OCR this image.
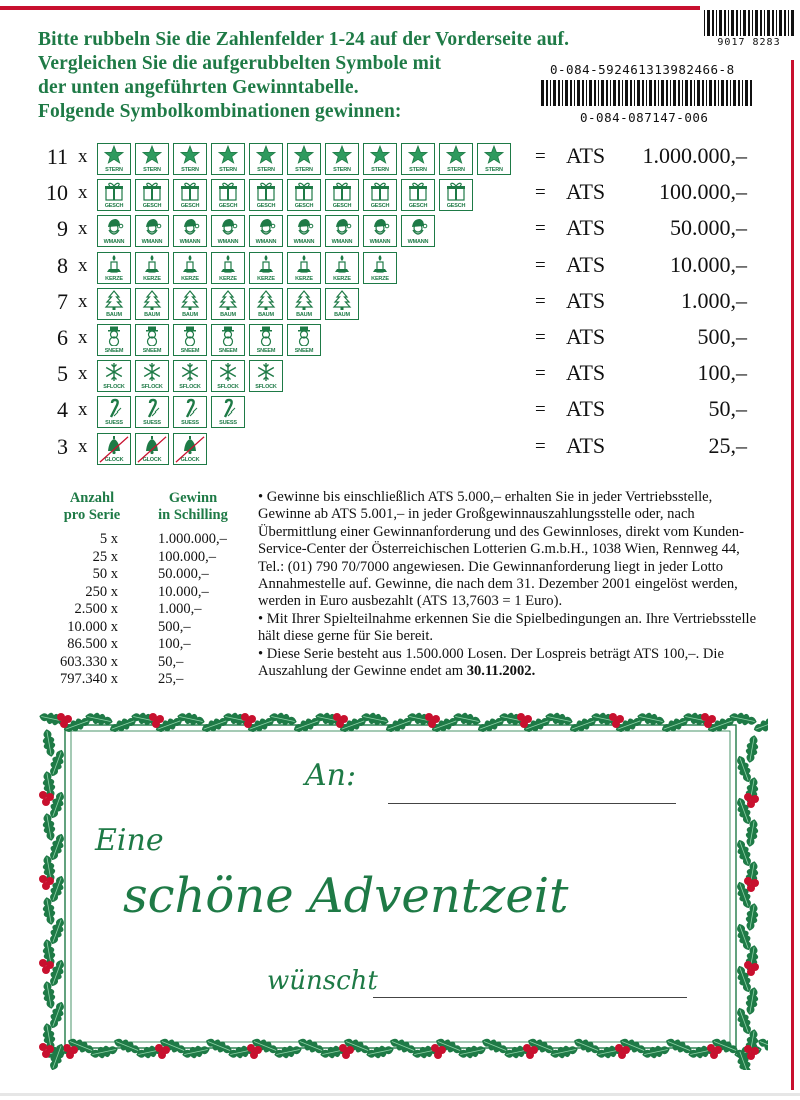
Bitte rubbeln Sie die Zahlenfelder 1-24 auf der Vorderseite auf.
Vergleichen Sie die aufgerubbelten Symbole mit
der unten angeführten Gewinntabelle.
Folgende Symbolkombinationen gewinnen:
9017 8283
0-084-592461313982466-8
0-084-087147-006
11 x
STERN	STERN	STERN	STERN	STERN	STERN	STERN	STERN	STERN	STERN	STERN
= ATS	1.000.000,–
10 x
GESCH	GESCH	GESCH	GESCH	GESCH	GESCH	GESCH	GESCH	GESCH	GESCH
= ATS	100.000,–
9 x
WMANN	WMANN	WMANN	WMANN	WMANN	WMANN	WMANN	WMANN	WMANN
= ATS	50.000,–
8 x
KERZE	KERZE	KERZE	KERZE	KERZE	KERZE	KERZE	KERZE
= ATS	10.000,–
7 x
BAUM	BAUM	BAUM	BAUM	BAUM	BAUM	BAUM
= ATS	1.000,–
6 x
SNEEM	SNEEM	SNEEM	SNEEM	SNEEM	SNEEM
= ATS	500,–
5 x
SFLOCK	SFLOCK	SFLOCK	SFLOCK	SFLOCK
= ATS	100,–
4 x
SUESS	SUESS	SUESS	SUESS
= ATS	50,–
3 x
GLOCK	GLOCK	GLOCK
= ATS	25,–
Anzahl
pro Serie
Gewinn
in Schilling
5 x	1.000.000,–
25 x	100.000,–
50 x	50.000,–
250 x	10.000,–
2.500 x	1.000,–
10.000 x	500,–
86.500 x	100,–
603.330 x	50,–
797.340 x	25,–

• Gewinne bis einschließlich ATS 5.000,– erhalten Sie in jeder Vertriebsstelle, Gewinne ab ATS 5.001,– in jeder Großgewinnauszahlungsstelle oder, nach Übermittlung einer Gewinnanforderung und des Gewinnloses, direkt vom Kunden-Service-Center der Österreichischen Lotterien G.m.b.H., 1038 Wien, Rennweg 44, Tel.: (01) 790 70/7000 angewiesen. Die Gewinnanforderung liegt in jeder Lotto Annahmestelle auf. Gewinne, die nach dem 31. Dezember 2001 eingelöst werden, werden in Euro ausbezahlt (ATS 13,7603 = 1 Euro).

• Mit Ihrer Spielteilnahme erkennen Sie die Spielbedingungen an. Ihre Vertriebsstelle hält diese gerne für Sie bereit.

• Diese Serie besteht aus 1.500.000 Losen. Der Lospreis beträgt ATS 100,–. Die Auszahlung der Gewinne endet am 30.11.2002.

An:
Eine
schöne Adventzeit
wünscht
